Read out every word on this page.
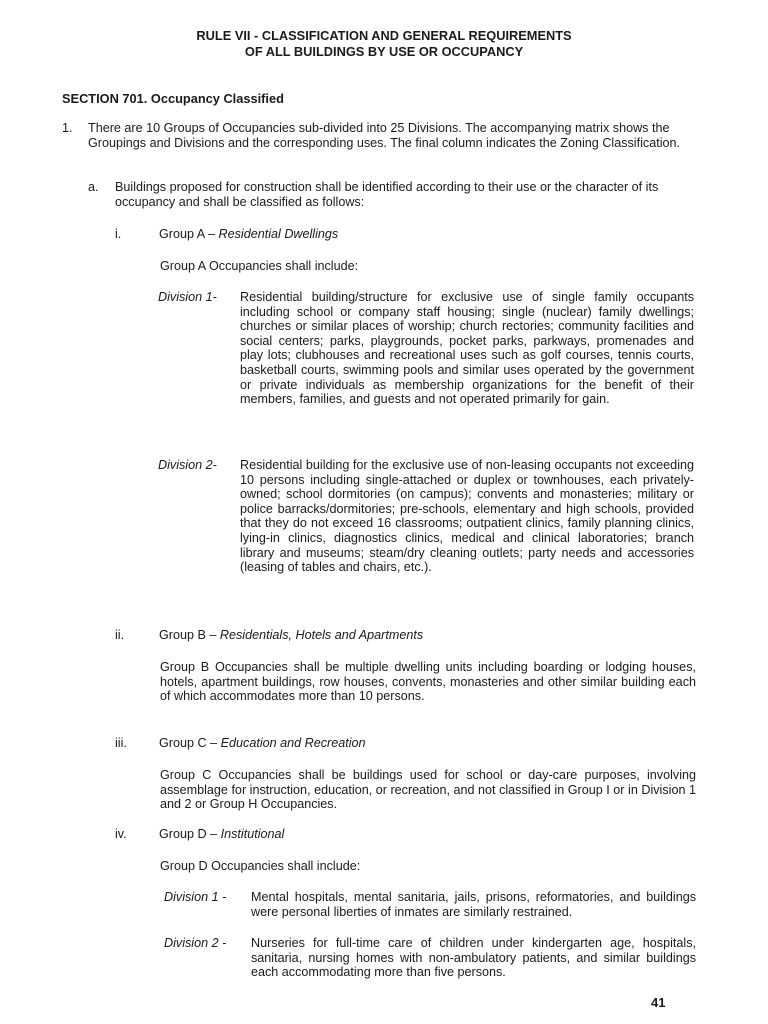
RULE VII - CLASSIFICATION AND GENERAL REQUIREMENTS
OF ALL BUILDINGS BY USE OR OCCUPANCY
SECTION 701. Occupancy Classified
1. There are 10 Groups of Occupancies sub-divided into 25 Divisions. The accompanying matrix shows the Groupings and Divisions and the corresponding uses. The final column indicates the Zoning Classification.
a. Buildings proposed for construction shall be identified according to their use or the character of its occupancy and shall be classified as follows:
i.	Group A – Residential Dwellings
Group A Occupancies shall include:
Division 1- Residential building/structure for exclusive use of single family occupants including school or company staff housing; single (nuclear) family dwellings; churches or similar places of worship; church rectories; community facilities and social centers; parks, playgrounds, pocket parks, parkways, promenades and play lots; clubhouses and recreational uses such as golf courses, tennis courts, basketball courts, swimming pools and similar uses operated by the government or private individuals as membership organizations for the benefit of their members, families, and guests and not operated primarily for gain.
Division 2- Residential building for the exclusive use of non-leasing occupants not exceeding 10 persons including single-attached or duplex or townhouses, each privately-owned; school dormitories (on campus); convents and monasteries; military or police barracks/dormitories; pre-schools, elementary and high schools, provided that they do not exceed 16 classrooms; outpatient clinics, family planning clinics, lying-in clinics, diagnostics clinics, medical and clinical laboratories; branch library and museums; steam/dry cleaning outlets; party needs and accessories (leasing of tables and chairs, etc.).
ii.	Group B – Residentials, Hotels and Apartments
Group B Occupancies shall be multiple dwelling units including boarding or lodging houses, hotels, apartment buildings, row houses, convents, monasteries and other similar building each of which accommodates more than 10 persons.
iii.	Group C – Education and Recreation
Group C Occupancies shall be buildings used for school or day-care purposes, involving assemblage for instruction, education, or recreation, and not classified in Group I or in Division 1 and 2 or Group H Occupancies.
iv.	Group D – Institutional
Group D Occupancies shall include:
Division 1 - Mental hospitals, mental sanitaria, jails, prisons, reformatories, and buildings were personal liberties of inmates are similarly restrained.
Division 2 - Nurseries for full-time care of children under kindergarten age, hospitals, sanitaria, nursing homes with non-ambulatory patients, and similar buildings each accommodating more than five persons.
41
